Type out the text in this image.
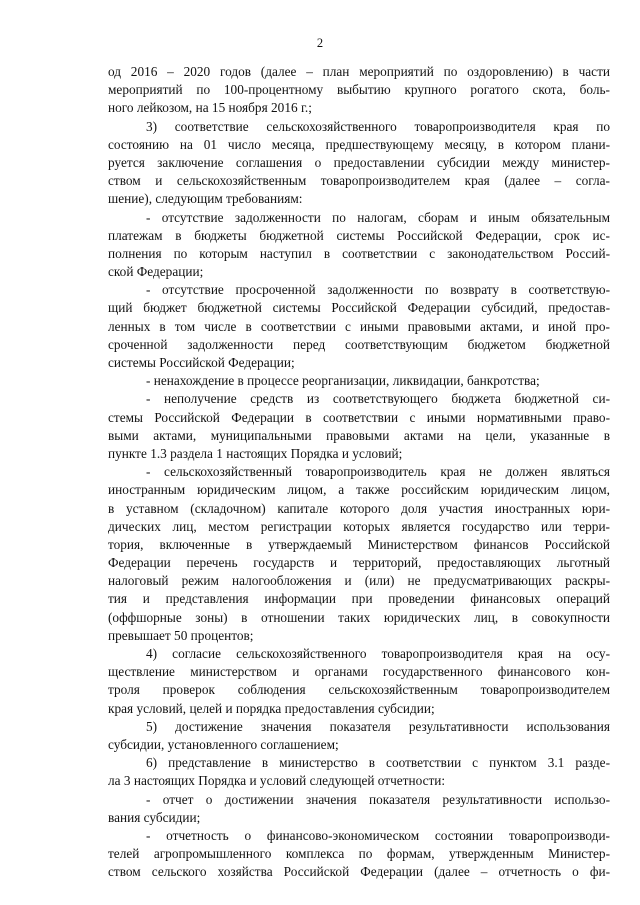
2
од 2016 – 2020 годов (далее – план мероприятий по оздоровлению) в части
мероприятий по 100-процентному выбытию крупного рогатого скота, боль-
ного лейкозом, на 15 ноября 2016 г.;
3) соответствие сельскохозяйственного товаропроизводителя края по
состоянию на 01 число месяца, предшествующему месяцу, в котором плани-
руется заключение соглашения о предоставлении субсидии между министер-
ством и сельскохозяйственным товаропроизводителем края (далее – согла-
шение), следующим требованиям:
- отсутствие задолженности по налогам, сборам и иным обязательным
платежам в бюджеты бюджетной системы Российской Федерации, срок ис-
полнения по которым наступил в соответствии с законодательством Россий-
ской Федерации;
- отсутствие просроченной задолженности по возврату в соответствую-
щий бюджет бюджетной системы Российской Федерации субсидий, предостав-
ленных в том числе в соответствии с иными правовыми актами, и иной про-
сроченной задолженности перед соответствующим бюджетом бюджетной
системы Российской Федерации;
- ненахождение в процессе реорганизации, ликвидации, банкротства;
- неполучение средств из соответствующего бюджета бюджетной си-
стемы Российской Федерации в соответствии с иными нормативными право-
выми актами, муниципальными правовыми актами на цели, указанные в
пункте 1.3 раздела 1 настоящих Порядка и условий;
- сельскохозяйственный товаропроизводитель края не должен являться
иностранным юридическим лицом, а также российским юридическим лицом,
в уставном (складочном) капитале которого доля участия иностранных юри-
дических лиц, местом регистрации которых является государство или терри-
тория, включенные в утверждаемый Министерством финансов Российской
Федерации перечень государств и территорий, предоставляющих льготный
налоговый режим налогообложения и (или) не предусматривающих раскры-
тия и представления информации при проведении финансовых операций
(оффшорные зоны) в отношении таких юридических лиц, в совокупности
превышает 50 процентов;
4) согласие сельскохозяйственного товаропроизводителя края на осу-
ществление министерством и органами государственного финансового кон-
троля проверок соблюдения сельскохозяйственным товаропроизводителем
края условий, целей и порядка предоставления субсидии;
5) достижение значения показателя результативности использования
субсидии, установленного соглашением;
6) представление в министерство в соответствии с пунктом 3.1 разде-
ла 3 настоящих Порядка и условий следующей отчетности:
- отчет о достижении значения показателя результативности использо-
вания субсидии;
- отчетность о финансово-экономическом состоянии товаропроизводи-
телей агропромышленного комплекса по формам, утвержденным Министер-
ством сельского хозяйства Российской Федерации (далее – отчетность о фи-
